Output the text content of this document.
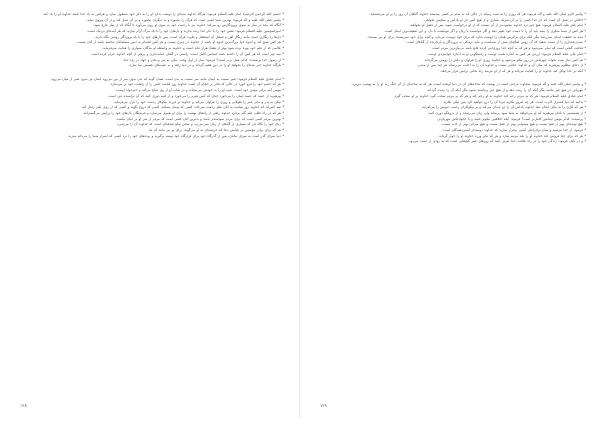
* «بسم الله الرحمن الرحيم» امام عليه السلام فرمود: هرگاه خداوند بنده‌ای را دوست بدارد او را به ذکر خود مشغول سازد و هرکس به یاد خدا باشد خداوند او را یاد کند.

* پیامبر صلی الله علیه و آله فرمود: بهترین شما کسی است که قرآن را بیاموزد و به دیگران بیاموزد و بر آن عمل کند و از آن پیروی نماید.

* آنگاه که بنده در نماز به سوی پروردگارش رو می‌کند خداوند نیز با رحمت خود به سوی او روی می‌آورد تا آنگاه که از نماز فارغ شود.

* امیرالمؤمنین علیه السلام فرمود: نفس خود را با ذکر خدا زنده بدارید و دل‌های خود را با یاد مرگ آرام سازید که هر آینده‌ای نزدیک است.

* دل‌ها را زنگاری است مانند زنگار آهن و صیقل آن استغفار و تلاوت قرآن است، پس دل‌های خود را با یاد پروردگار روشن نگاه دارید.

* هر کس صبح کند و اندوه دنیا بزرگ‌ترین اندوه او باشد از خداوند در چیزی نیست و هر کس اهتمام به امور مسلمانان نداشته باشد از آنان نیست.

* عالمی که از علم خود بهره برده شود بهتر از هفتاد هزار عابد است و خداوند به واسطه او بندگان بسیاری را هدایت می‌فرماید.

* سه چیز است که هر کس آن را داشته باشد ایمانش کامل است: راستی در گفتار، امانت‌داری و پرهیز از آنچه خداوند حرام کرده است.

* از رسول خدا پرسیدند: کدام عمل برتر است؟ فرمود: نماز در اول وقت، نیکی به پدر و مادر و جهاد در راه خدا.

* هرگاه خداوند خیر بنده‌ای را بخواهد او را در دین فقیه گرداند و در دنیا زاهد و به عیب‌های نفسش بینا سازد.

* امام صادق علیه السلام فرمود: صبر نسبت به ایمان مانند سر نسبت به بدن است، همان گونه که بدن بدون سر از بین می‌رود ایمان نیز بدون صبر از میان می‌رود.

* هر که خشم خود را فرو خورد در حالی که قادر بر انجام آن است خداوند روز قیامت دلش را از رضایت خود پر می‌سازد.

* مؤمن آینه برادر مؤمن خود است، عیب او را به خودش می‌نمایاند و در غیاب او از وی دفاع می‌کند و خیرخواه اوست.

* بپرهیزید از حسد که حسد ایمان را می‌خورد چنان که آتش هیزم را می‌خورد و از کینه دوری کنید که آن تراشنده دین است.

* نیکی به پدر و مادر عمر را طولانی و روزی را فراوان می‌کند و خداوند بر فرزند نیکوکار رحمت خود را نازل می‌فرماید.

* سه کس‌اند که خداوند روز قیامت به آنان نظر رحمت نمی‌کند: کسی که پیمان بشکند، کسی که دروغ بگوید و کسی که از روی تکبر رفتار کند.

* هر که در راه طلب علم گام بردارد خداوند راهی از راه‌های بهشت را برای او هموار می‌سازد و فرشتگان بال‌های خود را برایش می‌گسترانند.

* بهترین مردم کسی است که برای مردم سودمندتر باشد و بدترین آنان کسی است که مردم از شر او در امان نباشند.

* زبان خود را نگاه دار که بسیاری از گناهان از زبان سر می‌زند و سخن نیکو صدقه‌ای است که خداوند آن را می‌پذیرد.

* هر که برای برادر مؤمنش در غیابش دعا کند فرشته‌ای به او می‌گوید: برای تو نیز مانند آن باد.

* دنیا سرای گذر است نه سرای ماندن، پس از گذرگاه خود برای قرارگاه خود توشه برگیرید و پرده‌های خود را نزد کسی که اسرار شما را می‌داند مدرید.

۱۲۸

* پیامبر اکرم صلی الله علیه و آله فرمود: هر که روزی را به شب رساند در حالی که به ستم بر کسی نیندیشد خداوند گناهان آن روز را بر او می‌بخشاید.

* اخلاص در عمل آن است که جز خدا کسی را در آن شریک نسازی و از هیچ کس جز او پاداش و ستایش نخواهی.

* امام باقر علیه السلام فرمود: هیچ چیز نزد خداوند محبوب‌تر از آن نیست که از او درخواست شود، پس از فضل او بخواهید.

* هر کس از شما منکری را ببیند باید آن را با دست خود تغییر دهد و اگر نتوانست با زبان و اگر نتوانست با دل، و این ضعیف‌ترین ایمان است.

* بنده به حقیقت ایمان نمی‌رسد مگر آنکه برای برادرش همان را دوست بدارد که برای خود دوست می‌دارد و آنچه برای خود نمی‌پسندد برای او نیز نپسندد.

* شب‌زنده‌داری را از دست ندهید که آن روش صالحان پیش از شماست و مایه نزدیکی به پروردگار و بازدارنده از گناهان است.

* قناعت گنجی است که تمام نمی‌شود و هر که به آنچه خدا روزی‌اش کرده قانع باشد بی‌نیازترین مردم است.

* امام علی علیه السلام فرمود: ارزش هر کس به اندازه همت اوست و راستگویی او به اندازه جوانمردی اوست.

* هر کس نماز شب بخواند چهره‌اش در روز نیکو می‌شود و خداوند روزی او را فراوان و دلش را روشن می‌گرداند.

* از دعای مظلوم بپرهیزید که میان آن و خداوند حجابی نیست و خداوند آن را به اجابت می‌رساند هر چند پس از مدتی.

* آنکه بر خدا توکل کند خداوند او را کفایت می‌کند و هر که از او بترسد راه نجاتی برایش قرار می‌دهد.

* و پیامبر صلی الله علیه و آله فرمود: سخاوت درختی است در بهشت که شاخه‌های آن در دنیا آویخته است، هر که به شاخه‌ای از آن چنگ زند او را به بهشت می‌برد.

* مهربانی در هیچ چیز نباشد مگر آنکه آن را زینت دهد و از هیچ چیز برداشته نشود مگر آنکه آن را زشت گرداند.

* امام صادق علیه السلام فرمود: هر که به مردم رحم کند خداوند به او رحم کند و هر که بر مردم سخت گیرد خداوند بر او سخت گیرد.

* بدانید که دنیا کشتزار آخرت است، هر چه امروز بکارید فردا آن را درو خواهید کرد پس نیکی بکارید.

* هر که کاری را به نیکی انجام دهد خداوند پاداش آن را دو چندان می‌کند و بر نیکوکاران رحمت خویش را می‌افزاید.

* از همنشینی با نادان بپرهیزید که او می‌خواهد به شما سود برساند ولی زیان می‌رساند و از دروغگو دوری کنید.

* پرسیدند: کدام مؤمن ایمانش کامل‌تر است؟ فرمود: آنکه اخلاقش نیکوتر باشد و با خانواده‌اش مهربان‌تر.

* هیچ توشه‌ای بهتر از تقوا نیست و هیچ پیشوایی بهتر از عقل نیست و هیچ میراثی بهتر از ادب نیست.

* فرمود: از خدا بترسید و میان برادرانتان آشتی برقرار سازید که خداوند دوستدار آشتی‌دهندگان است.

* هر که برای خدا فروتنی کند خداوند او را بلند مرتبه سازد و هر که تکبر ورزد خداوند او را خوار گرداند.

* و در پایان فرمود: زندگی خود را در راه طاعت خدا صرف کنید که روزهای عمر گنج‌هایی است که به زودی از دست می‌رود.

۱۲۹
